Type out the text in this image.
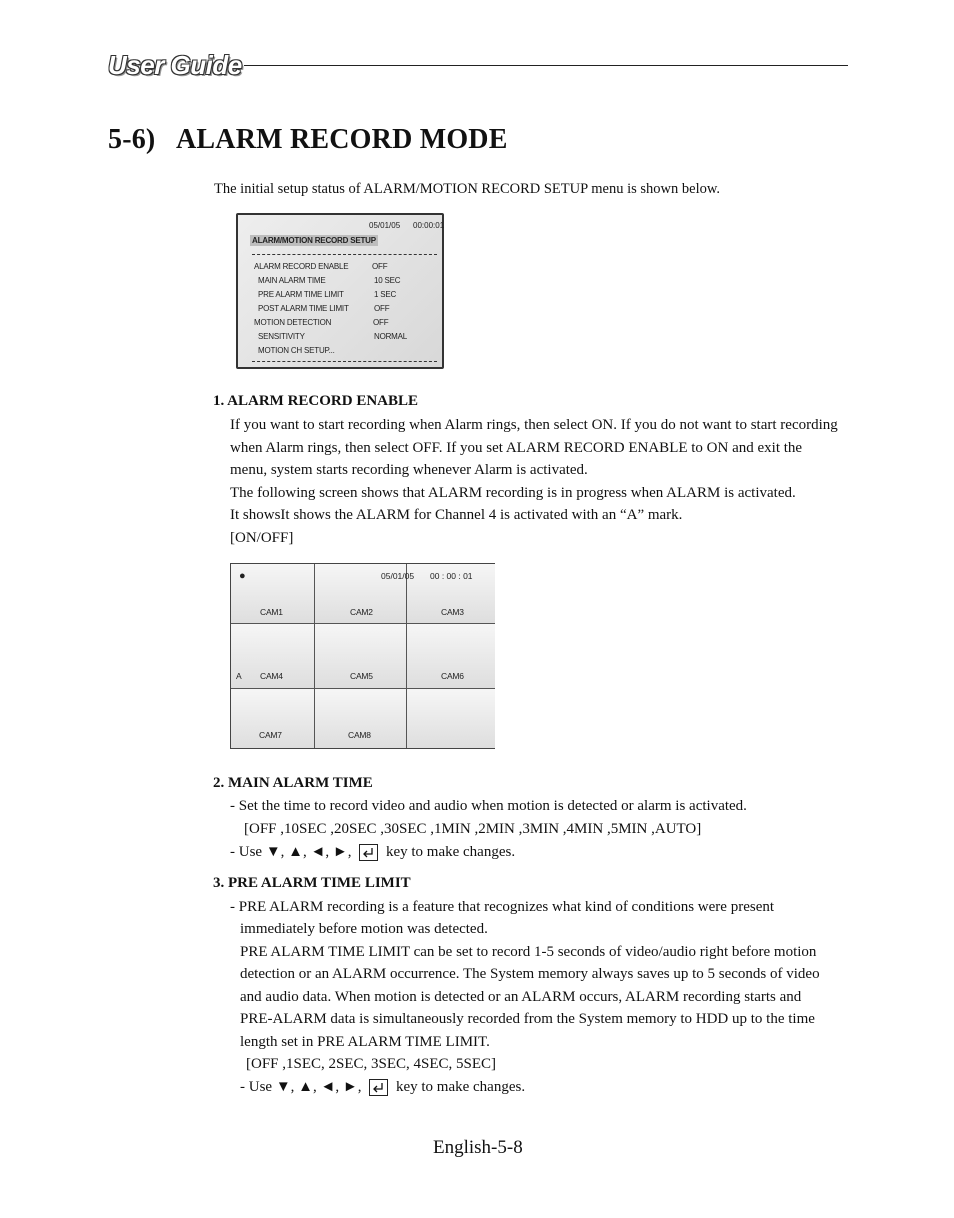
User Guide
5-6) ALARM RECORD MODE
The initial setup status of ALARM/MOTION RECORD SETUP menu is shown below.
05/01/05 00:00:01
ALARM/MOTION RECORD SETUP
ALARM RECORD ENABLE	OFF
MAIN ALARM TIME	10 SEC
PRE ALARM TIME LIMIT	1 SEC
POST ALARM TIME LIMIT	OFF
MOTION DETECTION	OFF
SENSITIVITY	NORMAL
MOTION CH SETUP...
1. ALARM RECORD ENABLE
If you want to start recording when Alarm rings, then select ON. If you do not want to start recording
when Alarm rings, then select OFF. If you set ALARM RECORD ENABLE to ON and exit the
menu, system starts recording whenever Alarm is activated.
The following screen shows that ALARM recording is in progress when ALARM is activated.
It showsIt shows the ALARM for Channel 4 is activated with an “A” mark.
[ON/OFF]
●	05/01/05 00 : 00 : 01
CAM1	CAM2	CAM3
A CAM4	CAM5	CAM6
CAM7	CAM8
2. MAIN ALARM TIME
- Set the time to record video and audio when motion is detected or alarm is activated.
[OFF ,10SEC ,20SEC ,30SEC ,1MIN ,2MIN ,3MIN ,4MIN ,5MIN ,AUTO]
- Use ▼, ▲, ◄, ►, key to make changes.
3. PRE ALARM TIME LIMIT
- PRE ALARM recording is a feature that recognizes what kind of conditions were present
immediately before motion was detected.
PRE ALARM TIME LIMIT can be set to record 1-5 seconds of video/audio right before motion
detection or an ALARM occurrence. The System memory always saves up to 5 seconds of video
and audio data. When motion is detected or an ALARM occurs, ALARM recording starts and
PRE-ALARM data is simultaneously recorded from the System memory to HDD up to the time
length set in PRE ALARM TIME LIMIT.
[OFF ,1SEC, 2SEC, 3SEC, 4SEC, 5SEC]
- Use ▼, ▲, ◄, ►, key to make changes.
English-5-8
